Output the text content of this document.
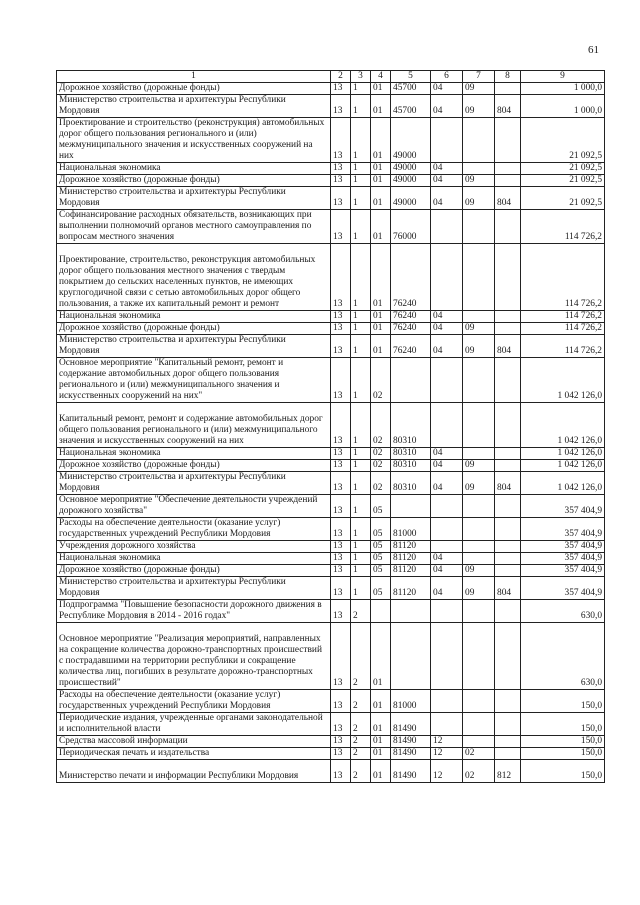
61
1	2	3	4	5	6	7	8	9
Дорожное хозяйство (дорожные фонды)	13	1	01	45700	04	09		1 000,0
Министерство строительства и архитектуры Республики Мордовия	13	1	01	45700	04	09	804	1 000,0
Проектирование и строительство (реконструкция) автомобильных дорог общего пользования регионального и (или) межмуниципального значения и искусственных сооружений на них	13	1	01	49000				21 092,5
Национальная экономика	13	1	01	49000	04			21 092,5
Дорожное хозяйство (дорожные фонды)	13	1	01	49000	04	09		21 092,5
Министерство строительства и архитектуры Республики Мордовия	13	1	01	49000	04	09	804	21 092,5
Софинансирование расходных обязательств, возникающих при выполнении полномочий органов местного самоуправления по вопросам местного значения	13	1	01	76000				114 726,2
Проектирование, строительство, реконструкция автомобильных дорог общего пользования местного значения с твердым покрытием до сельских населенных пунктов, не имеющих круглогодичной связи с сетью автомобильных дорог общего пользования, а также их капитальный ремонт и ремонт	13	1	01	76240				114 726,2
Национальная экономика	13	1	01	76240	04			114 726,2
Дорожное хозяйство (дорожные фонды)	13	1	01	76240	04	09		114 726,2
Министерство строительства и архитектуры Республики Мордовия	13	1	01	76240	04	09	804	114 726,2
Основное мероприятие "Капитальный ремонт, ремонт и содержание автомобильных дорог общего пользования регионального и (или) межмуниципального значения и искусственных сооружений на них"	13	1	02					1 042 126,0
Капитальный ремонт, ремонт и содержание автомобильных дорог общего пользования регионального и (или) межмуниципального значения и искусственных сооружений на них	13	1	02	80310				1 042 126,0
Национальная экономика	13	1	02	80310	04			1 042 126,0
Дорожное хозяйство (дорожные фонды)	13	1	02	80310	04	09		1 042 126,0
Министерство строительства и архитектуры Республики Мордовия	13	1	02	80310	04	09	804	1 042 126,0
Основное мероприятие "Обеспечение деятельности учреждений дорожного хозяйства"	13	1	05					357 404,9
Расходы на обеспечение деятельности (оказание услуг) государственных учреждений Республики Мордовия	13	1	05	81000				357 404,9
Учреждения дорожного хозяйства	13	1	05	81120				357 404,9
Национальная экономика	13	1	05	81120	04			357 404,9
Дорожное хозяйство (дорожные фонды)	13	1	05	81120	04	09		357 404,9
Министерство строительства и архитектуры Республики Мордовия	13	1	05	81120	04	09	804	357 404,9
Подпрограмма "Повышение безопасности дорожного движения в Республике Мордовия в 2014 - 2016 годах"	13	2						630,0
Основное мероприятие "Реализация мероприятий, направленных на сокращение количества дорожно-транспортных происшествий с пострадавшими на территории республики и сокращение количества лиц, погибших в результате дорожно-транспортных происшествий"	13	2	01					630,0
Расходы на обеспечение деятельности (оказание услуг) государственных учреждений Республики Мордовия	13	2	01	81000				150,0
Периодические издания, учрежденные органами законодательной и исполнительной власти	13	2	01	81490				150,0
Средства массовой информации	13	2	01	81490	12			150,0
Периодическая печать и издательства	13	2	01	81490	12	02		150,0
Министерство печати и информации Республики Мордовия	13	2	01	81490	12	02	812	150,0
